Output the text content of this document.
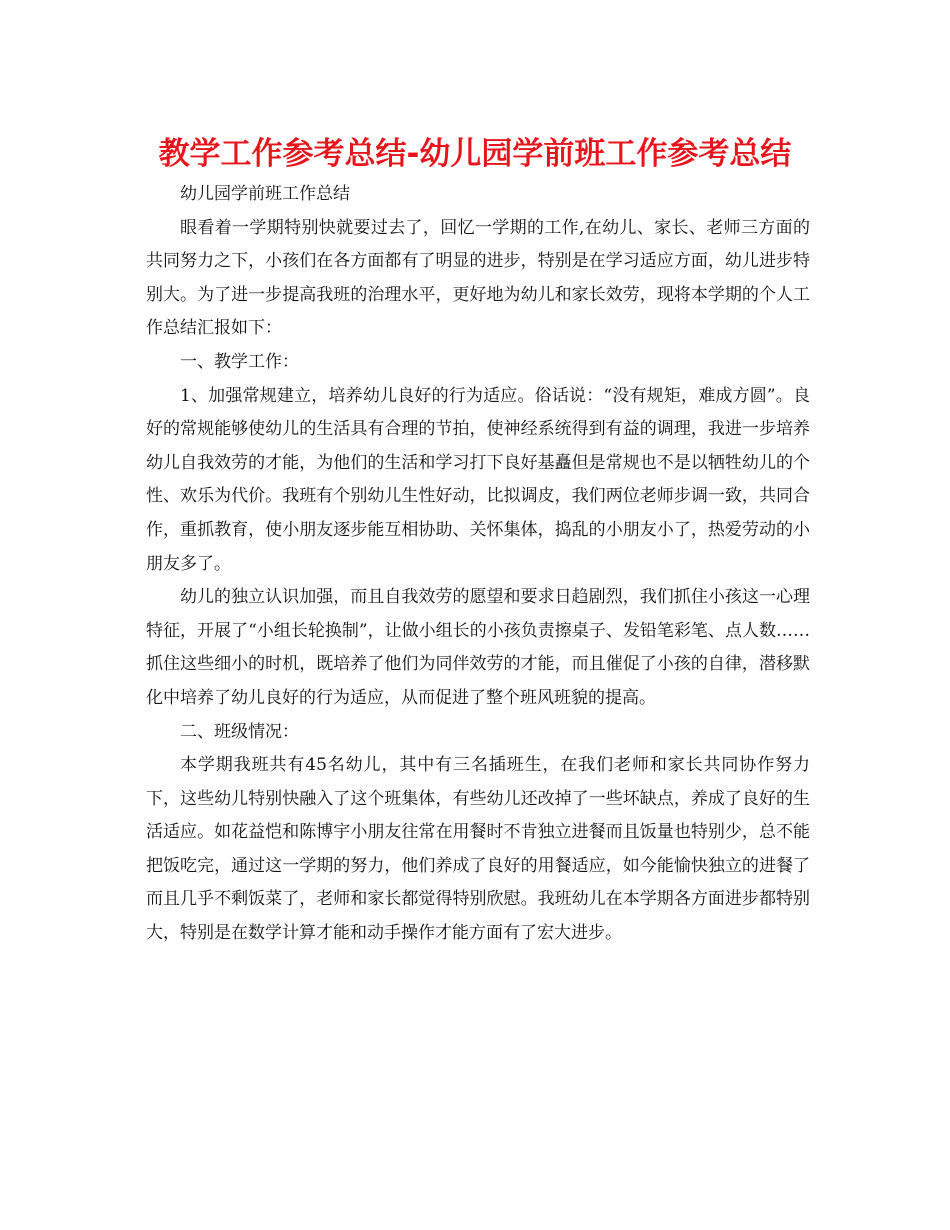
教学工作参考总结-幼儿园学前班工作参考总结

幼儿园学前班工作总结

眼看着一学期特别快就要过去了，回忆一学期的工作,在幼儿、家长、老师三方面的共同努力之下，小孩们在各方面都有了明显的进步，特别是在学习适应方面，幼儿进步特别大。为了进一步提高我班的治理水平，更好地为幼儿和家长效劳，现将本学期的个人工作总结汇报如下：

一、教学工作：

1、加强常规建立，培养幼儿良好的行为适应。俗话说：“没有规矩，难成方圆”。良好的常规能够使幼儿的生活具有合理的节拍，使神经系统得到有益的调理，我进一步培养幼儿自我效劳的才能，为他们的生活和学习打下良好基矗但是常规也不是以牺牲幼儿的个性、欢乐为代价。我班有个别幼儿生性好动，比拟调皮，我们两位老师步调一致，共同合作，重抓教育，使小朋友逐步能互相协助、关怀集体，捣乱的小朋友小了，热爱劳动的小朋友多了。

幼儿的独立认识加强，而且自我效劳的愿望和要求日趋剧烈，我们抓住小孩这一心理特征，开展了“小组长轮换制”，让做小组长的小孩负责擦桌子、发铅笔彩笔、点人数……抓住这些细小的时机，既培养了他们为同伴效劳的才能，而且催促了小孩的自律，潜移默化中培养了幼儿良好的行为适应，从而促进了整个班风班貌的提高。

二、班级情况：

本学期我班共有45名幼儿，其中有三名插班生，在我们老师和家长共同协作努力下，这些幼儿特别快融入了这个班集体，有些幼儿还改掉了一些坏缺点，养成了良好的生活适应。如花益恺和陈博宇小朋友往常在用餐时不肯独立进餐而且饭量也特别少，总不能把饭吃完，通过这一学期的努力，他们养成了良好的用餐适应，如今能愉快独立的进餐了而且几乎不剩饭菜了，老师和家长都觉得特别欣慰。我班幼儿在本学期各方面进步都特别大，特别是在数学计算才能和动手操作才能方面有了宏大进步。
